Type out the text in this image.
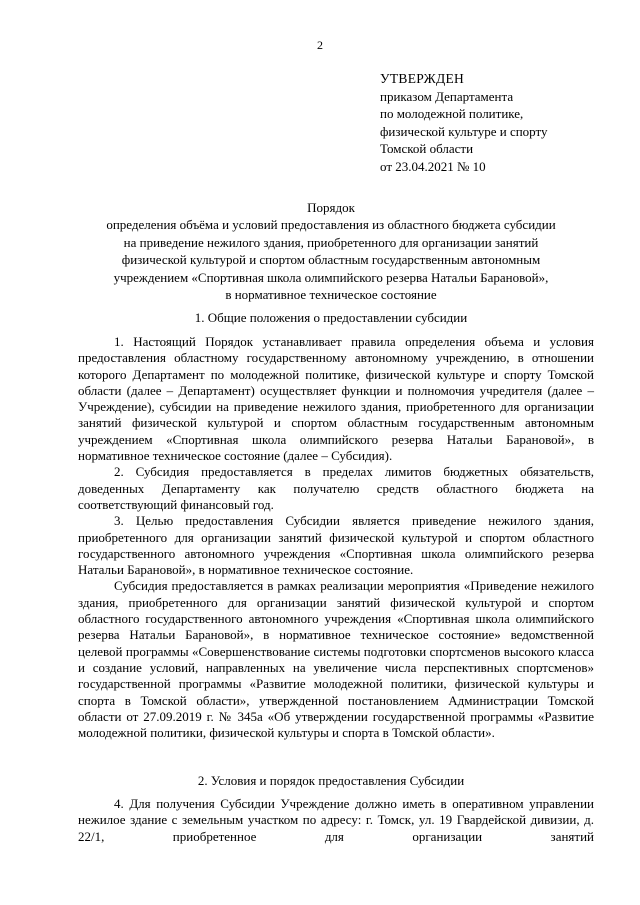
2
УТВЕРЖДЕН
приказом Департамента
по молодежной политике,
физической культуре и спорту
Томской области
от 23.04.2021 № 10
Порядок
определения объёма и условий предоставления из областного бюджета субсидии
на приведение нежилого здания, приобретенного для организации занятий
физической культурой и спортом областным государственным автономным
учреждением «Спортивная школа олимпийского резерва Натальи Барановой»,
в нормативное техническое состояние
1. Общие положения о предоставлении субсидии

1. Настоящий Порядок устанавливает правила определения объема и условия предоставления областному государственному автономному учреждению, в отношении которого Департамент по молодежной политике, физической культуре и спорту Томской области (далее – Департамент) осуществляет функции и полномочия учредителя (далее – Учреждение), субсидии на приведение нежилого здания, приобретенного для организации занятий физической культурой и спортом областным государственным автономным учреждением «Спортивная школа олимпийского резерва Натальи Барановой», в нормативное техническое состояние (далее – Субсидия).

2. Субсидия предоставляется в пределах лимитов бюджетных обязательств, доведенных Департаменту как получателю средств областного бюджета на соответствующий финансовый год.

3. Целью предоставления Субсидии является приведение нежилого здания, приобретенного для организации занятий физической культурой и спортом областного государственного автономного учреждения «Спортивная школа олимпийского резерва Натальи Барановой», в нормативное техническое состояние.

Субсидия предоставляется в рамках реализации мероприятия «Приведение нежилого здания, приобретенного для организации занятий физической культурой и спортом областного государственного автономного учреждения «Спортивная школа олимпийского резерва Натальи Барановой», в нормативное техническое состояние» ведомственной целевой программы «Совершенствование системы подготовки спортсменов высокого класса и создание условий, направленных на увеличение числа перспективных спортсменов» государственной программы «Развитие молодежной политики, физической культуры и спорта в Томской области», утвержденной постановлением Администрации Томской области от 27.09.2019 г. № 345а «Об утверждении государственной программы «Развитие молодежной политики, физической культуры и спорта в Томской области».

2. Условия и порядок предоставления Субсидии

4. Для получения Субсидии Учреждение должно иметь в оперативном управлении нежилое здание с земельным участком по адресу: г. Томск, ул. 19 Гвардейской дивизии, д. 22/1, приобретенное для организации занятий
